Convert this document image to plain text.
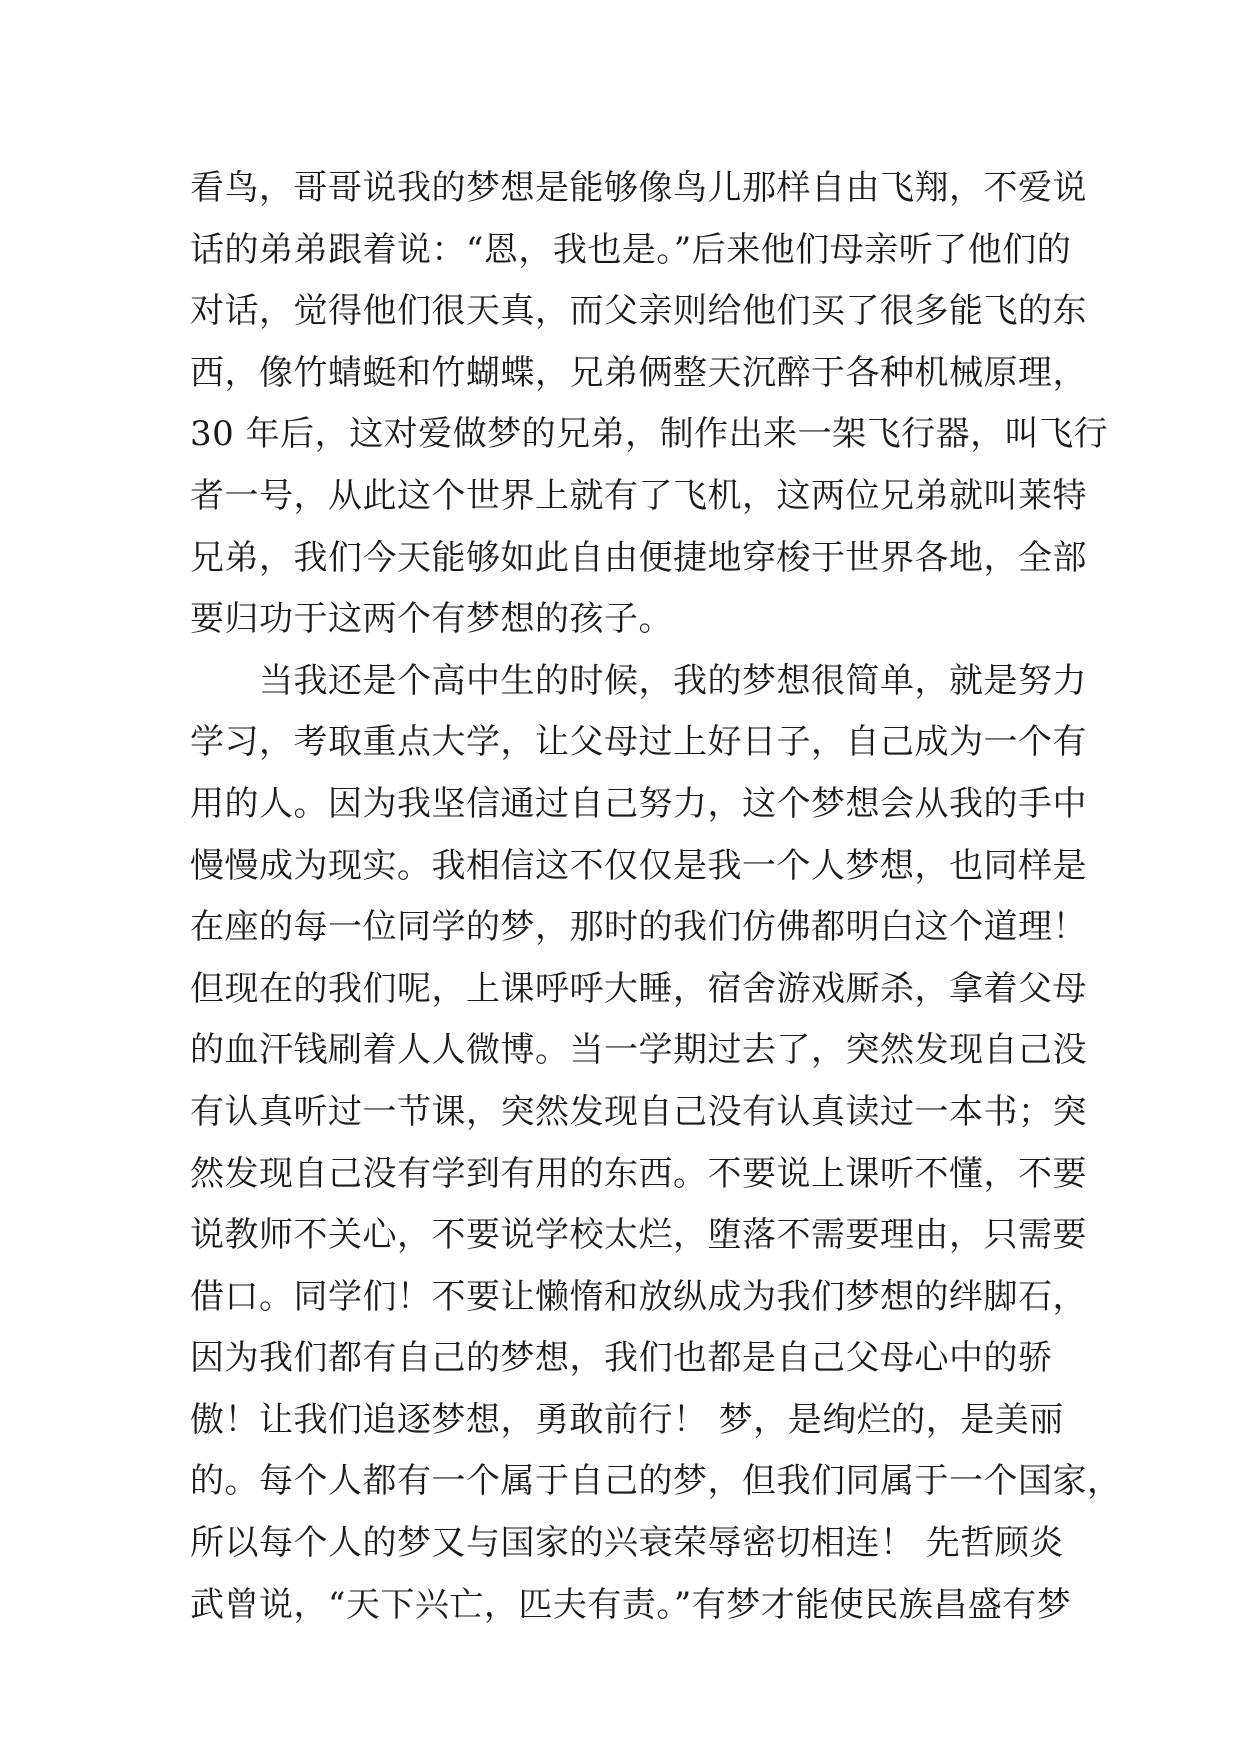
看鸟，哥哥说我的梦想是能够像鸟儿那样自由飞翔，不爱说
话的弟弟跟着说：“恩，我也是。”后来他们母亲听了他们的
对话，觉得他们很天真，而父亲则给他们买了很多能飞的东
西，像竹蜻蜓和竹蝴蝶，兄弟俩整天沉醉于各种机械原理，
30 年后，这对爱做梦的兄弟，制作出来一架飞行器，叫飞行
者一号，从此这个世界上就有了飞机，这两位兄弟就叫莱特
兄弟，我们今天能够如此自由便捷地穿梭于世界各地，全部
要归功于这两个有梦想的孩子。
　　当我还是个高中生的时候，我的梦想很简单，就是努力
学习，考取重点大学，让父母过上好日子，自己成为一个有
用的人。因为我坚信通过自己努力，这个梦想会从我的手中
慢慢成为现实。我相信这不仅仅是我一个人梦想，也同样是
在座的每一位同学的梦，那时的我们仿佛都明白这个道理！
但现在的我们呢，上课呼呼大睡，宿舍游戏厮杀，拿着父母
的血汗钱刷着人人微博。当一学期过去了，突然发现自己没
有认真听过一节课，突然发现自己没有认真读过一本书；突
然发现自己没有学到有用的东西。不要说上课听不懂，不要
说教师不关心，不要说学校太烂，堕落不需要理由，只需要
借口。同学们！不要让懒惰和放纵成为我们梦想的绊脚石，
因为我们都有自己的梦想，我们也都是自己父母心中的骄
傲！让我们追逐梦想，勇敢前行！ 梦，是绚烂的，是美丽
的。每个人都有一个属于自己的梦，但我们同属于一个国家，
所以每个人的梦又与国家的兴衰荣辱密切相连！ 先哲顾炎
武曾说，“天下兴亡，匹夫有责。”有梦才能使民族昌盛有梦
